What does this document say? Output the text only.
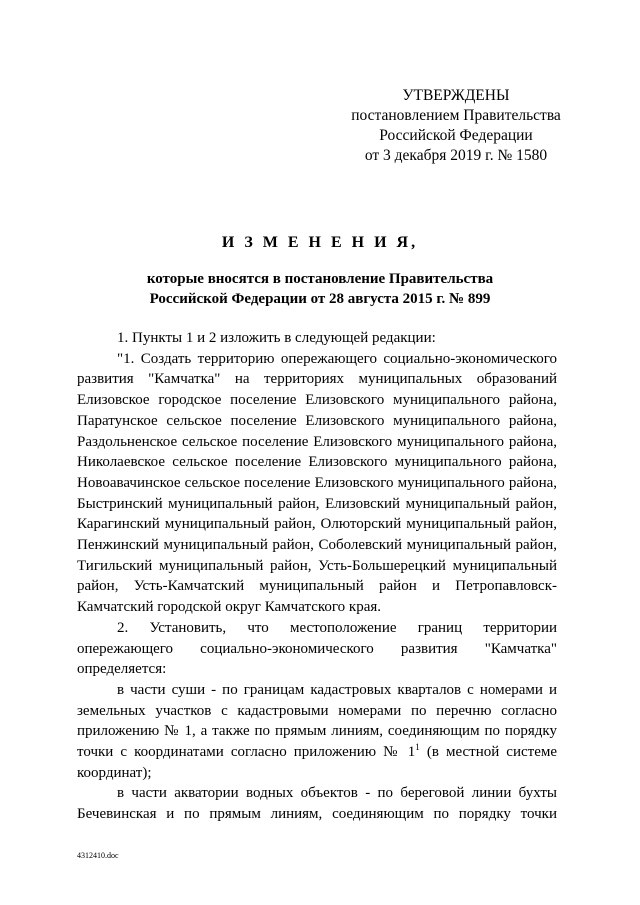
УТВЕРЖДЕНЫ
постановлением Правительства
Российской Федерации
от 3 декабря 2019 г. № 1580
И З М Е Н Е Н И Я,
которые вносятся в постановление Правительства
Российской Федерации от 28 августа 2015 г. № 899

1. Пункты 1 и 2 изложить в следующей редакции:

"1. Создать территорию опережающего социально-экономического развития "Камчатка" на территориях муниципальных образований Елизовское городское поселение Елизовского муниципального района, Паратунское сельское поселение Елизовского муниципального района, Раздольненское сельское поселение Елизовского муниципального района, Николаевское сельское поселение Елизовского муниципального района, Новоавачинское сельское поселение Елизовского муниципального района, Быстринский муниципальный район, Елизовский муниципальный район, Карагинский муниципальный район, Олюторский муниципальный район, Пенжинский муниципальный район, Соболевский муниципальный район, Тигильский муниципальный район, Усть-Большерецкий муниципальный район, Усть-Камчатский муниципальный район и Петропавловск-Камчатский городской округ Камчатского края.

2. Установить, что местоположение границ территории опережающего социально-экономического развития "Камчатка" определяется:

в части суши - по границам кадастровых кварталов с номерами и земельных участков с кадастровыми номерами по перечню согласно приложению № 1, а также по прямым линиям, соединяющим по порядку точки с координатами согласно приложению № $1^1$ (в местной системе координат);

в части акватории водных объектов - по береговой линии бухты Бечевинская и по прямым линиям, соединяющим по порядку точки

4312410.doc
